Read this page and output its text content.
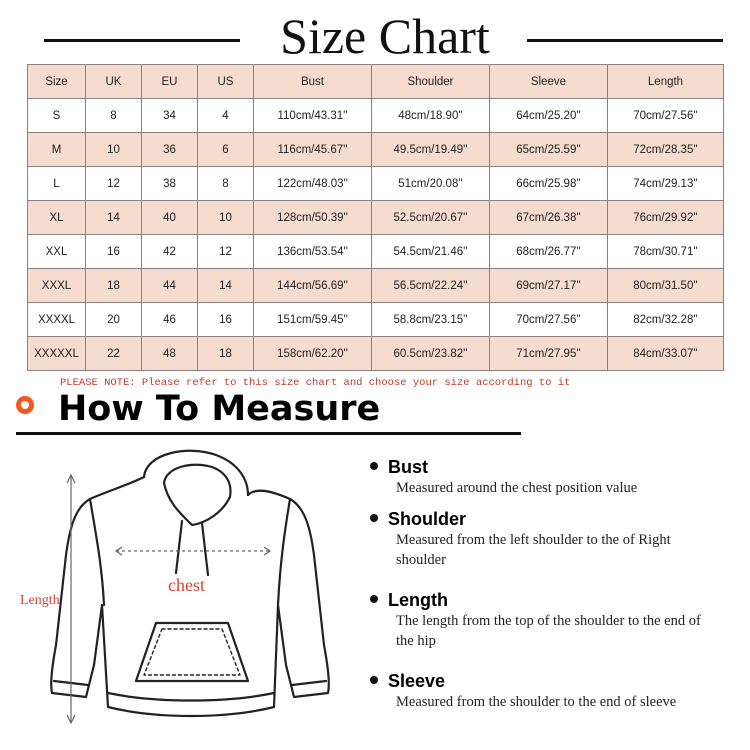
Size Chart
Size	UK	EU	US	Bust	Shoulder	Sleeve	Length
S	8	34	4	110cm/43.31''	48cm/18.90''	64cm/25.20''	70cm/27.56''
M	10	36	6	116cm/45.67''	49.5cm/19.49''	65cm/25.59''	72cm/28.35''
L	12	38	8	122cm/48.03''	51cm/20.08''	66cm/25.98''	74cm/29.13''
XL	14	40	10	128cm/50.39''	52.5cm/20.67''	67cm/26.38''	76cm/29.92''
XXL	16	42	12	136cm/53.54''	54.5cm/21.46''	68cm/26.77''	78cm/30.71''
XXXL	18	44	14	144cm/56.69''	56.5cm/22.24''	69cm/27.17''	80cm/31.50''
XXXXL	20	46	16	151cm/59.45''	58.8cm/23.15''	70cm/27.56''	82cm/32.28''
XXXXXL	22	48	18	158cm/62.20''	60.5cm/23.82''	71cm/27.95''	84cm/33.07''
PLEASE NOTE: Please refer to this size chart and choose your size according to it
How To Measure
chest
Length
Bust
Measured around the chest position value
Shoulder
Measured from the left shoulder to the of Right shoulder
Length
The length from the top of the shoulder to the end of the hip
Sleeve
Measured from the shoulder to the end of sleeve
